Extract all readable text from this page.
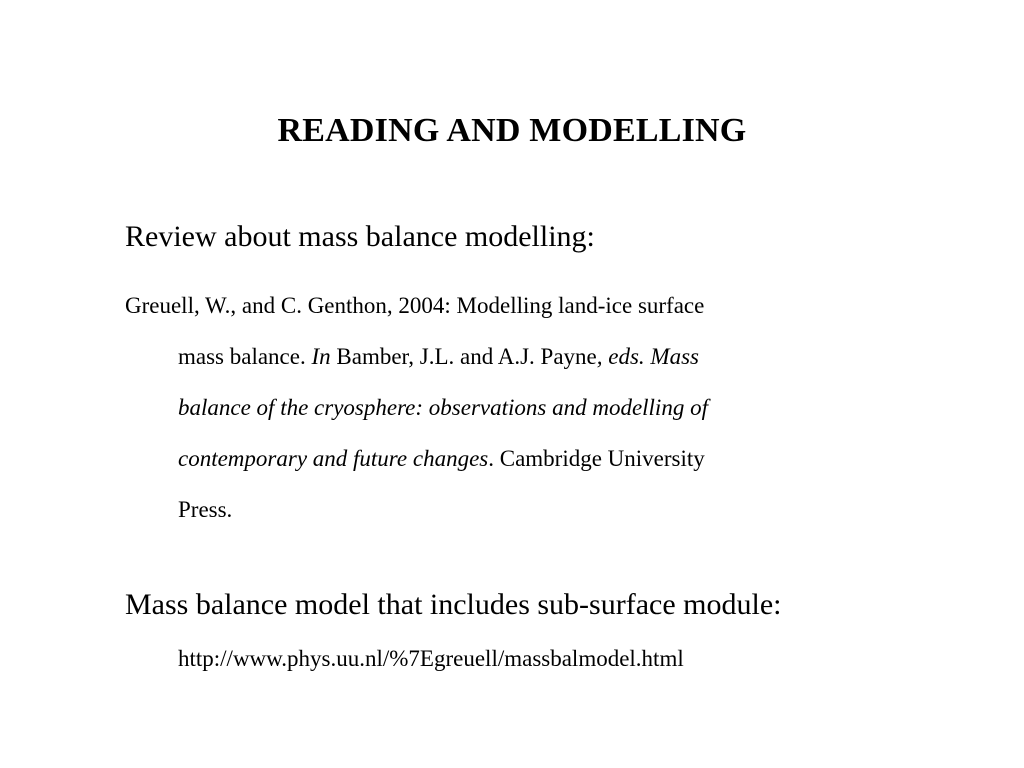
READING AND MODELLING
Review about mass balance modelling:
Greuell, W., and C. Genthon, 2004: Modelling land-ice surface
mass balance. In Bamber, J.L. and A.J. Payne, eds. Mass
balance of the cryosphere: observations and modelling of
contemporary and future changes. Cambridge University
Press.
Mass balance model that includes sub-surface module:
http://www.phys.uu.nl/%7Egreuell/massbalmodel.html
